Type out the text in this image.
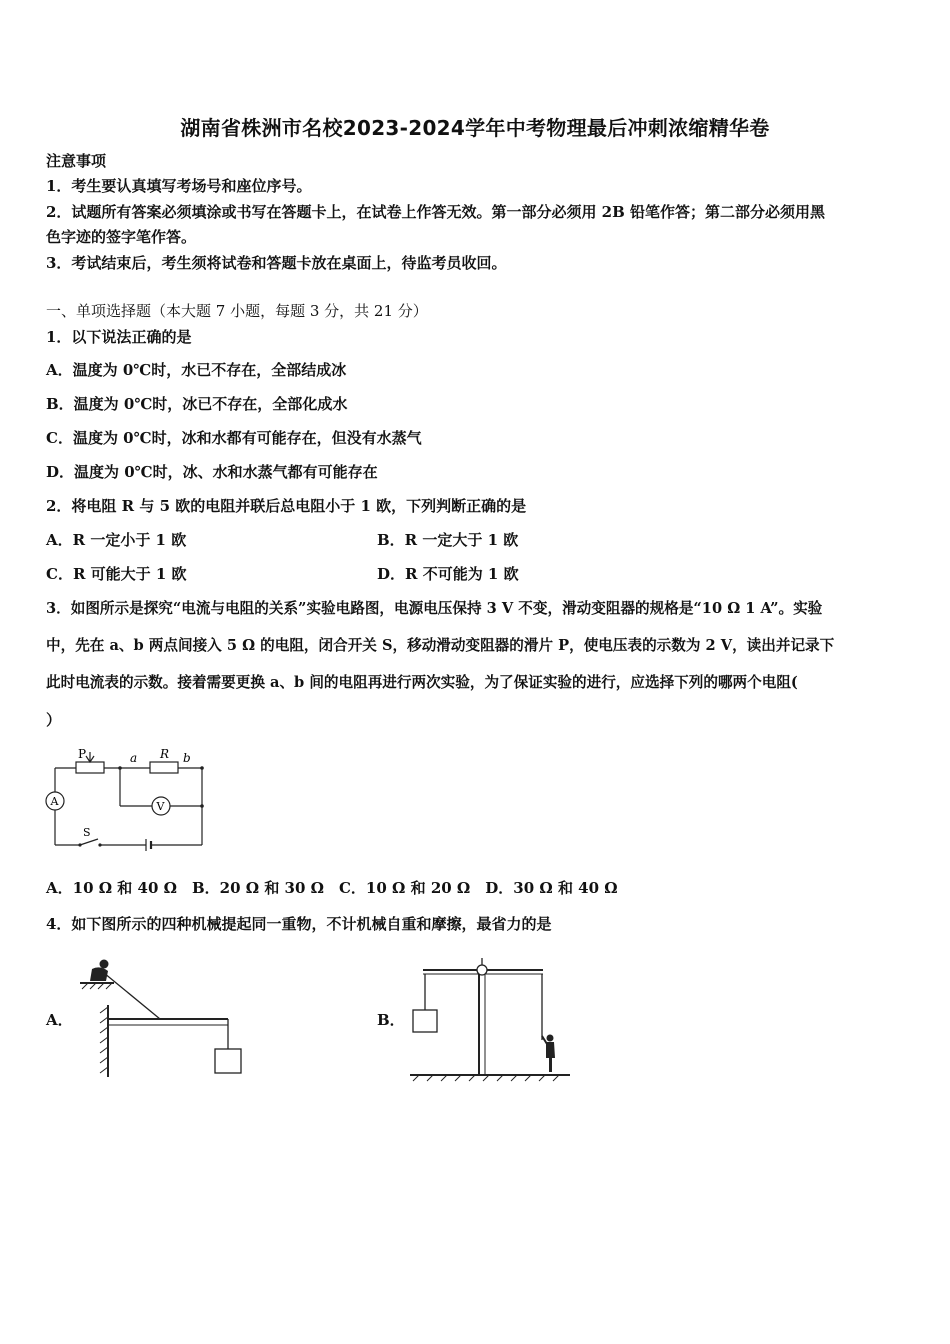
湖南省株洲市名校2023-2024学年中考物理最后冲刺浓缩精华卷
注意事项
1．考生要认真填写考场号和座位序号。
2．试题所有答案必须填涂或书写在答题卡上，在试卷上作答无效。第一部分必须用 2B 铅笔作答；第二部分必须用黑
色字迹的签字笔作答。
3．考试结束后，考生须将试卷和答题卡放在桌面上，待监考员收回。
一、单项选择题（本大题 7 小题，每题 3 分，共 21 分）
1．以下说法正确的是
A．温度为 0℃时，水已不存在，全部结成冰
B．温度为 0℃时，冰已不存在，全部化成水
C．温度为 0℃时，冰和水都有可能存在，但没有水蒸气
D．温度为 0℃时，冰、水和水蒸气都有可能存在
2．将电阻 R 与 5 欧的电阻并联后总电阻小于 1 欧，下列判断正确的是
A．R 一定小于 1 欧	B．R 一定大于 1 欧
C．R 可能大于 1 欧	D．R 不可能为 1 欧
3．如图所示是探究“电流与电阻的关系”实验电路图，电源电压保持 3 V 不变，滑动变阻器的规格是“10 Ω 1 A”。实验
中，先在 a、b 两点间接入 5 Ω 的电阻，闭合开关 S，移动滑动变阻器的滑片 P，使电压表的示数为 2 V，读出并记录下
此时电流表的示数。接着需要更换 a、b 间的电阻再进行两次实验，为了保证实验的进行，应选择下列的哪两个电阻(
）
P	a R b
A	V
S
A．10 Ω 和 40 Ω　B．20 Ω 和 30 Ω　C．10 Ω 和 20 Ω　D．30 Ω 和 40 Ω
4．如下图所示的四种机械提起同一重物，不计机械自重和摩擦，最省力的是
A．	B．
